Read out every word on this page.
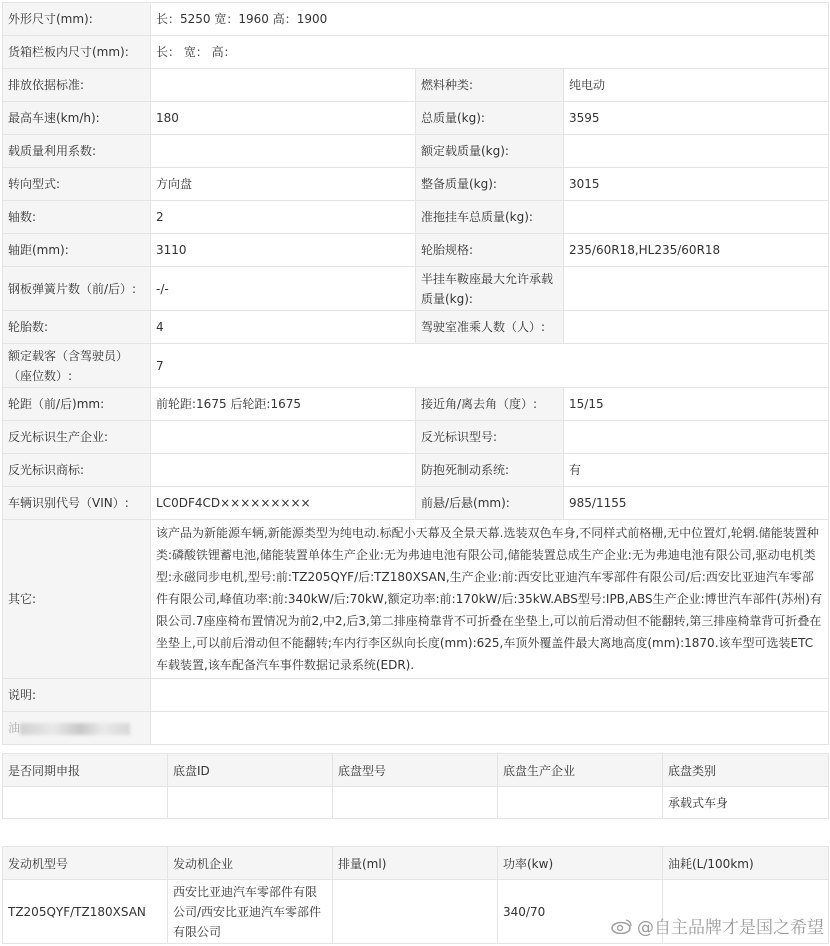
外形尺寸(mm):	长：5250 宽：1960 高：1900		
货箱栏板内尺寸(mm):	长： 宽： 高：		
排放依据标准:		燃料种类:	纯电动
最高车速(km/h):	180	总质量(kg):	3595
载质量利用系数:		额定载质量(kg):	
转向型式:	方向盘	整备质量(kg):	3015
轴数:	2	准拖挂车总质量(kg):	
轴距(mm):	3110	轮胎规格:	235/60R18,HL235/60R18
钢板弹簧片数（前/后）:	-/-	半挂车鞍座最大允许承载质量(kg):	
轮胎数:	4	驾驶室准乘人数（人）:	
额定载客（含驾驶员）（座位数）:	7		
轮距（前/后)mm:	前轮距:1675 后轮距:1675	接近角/离去角（度）:	15/15
反光标识生产企业:		反光标识型号:	
反光标识商标:		防抱死制动系统:	有
车辆识别代号（VIN）:	LC0DF4CD×××××××××	前悬/后悬(mm):	985/1155
其它:	该产品为新能源车辆,新能源类型为纯电动.标配小天幕及全景天幕.选装双色车身,不同样式前格栅,无中位置灯,轮辋.储能装置种类:磷酸铁锂蓄电池,储能装置单体生产企业:无为弗迪电池有限公司,储能装置总成生产企业:无为弗迪电池有限公司,驱动电机类型:永磁同步电机,型号:前:TZ205QYF/后:TZ180XSAN,生产企业:前:西安比亚迪汽车零部件有限公司/后:西安比亚迪汽车零部件有限公司,峰值功率:前:340kW/后:70kW,额定功率:前:170kW/后:35kW.ABS型号:IPB,ABS生产企业:博世汽车部件(苏州)有限公司.7座座椅布置情况为前2,中2,后3,第二排座椅靠背不可折叠在坐垫上,可以前后滑动但不能翻转,第三排座椅靠背可折叠在坐垫上,可以前后滑动但不能翻转;车内行李区纵向长度(mm):625,车顶外覆盖件最大离地高度(mm):1870.该车型可选装ETC车载装置,该车配备汽车事件数据记录系统(EDR).		
说明:			
油			
是否同期申报	底盘ID	底盘型号	底盘生产企业	底盘类别
				承载式车身
发动机型号	发动机企业	排量(ml)	功率(kw)	油耗(L/100km)
TZ205QYF/TZ180XSAN	西安比亚迪汽车零部件有限公司/西安比亚迪汽车零部件有限公司		340/70	
@自主品牌才是国之希望
